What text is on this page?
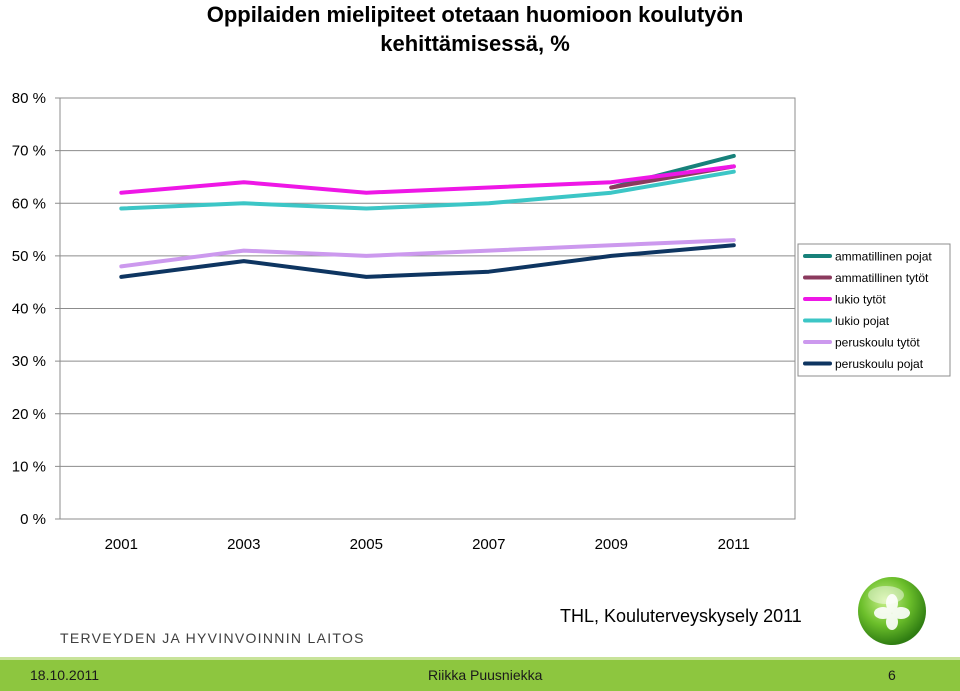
Oppilaiden mielipiteet otetaan huomioon koulutyön
kehittämisessä, %
0 %
10 %
20 %
30 %
40 %
50 %
60 %
70 %
80 %
2001	2003	2005	2007	2009	2011
ammatillinen pojat
ammatillinen tytöt
lukio tytöt
lukio pojat
peruskoulu tytöt
peruskoulu pojat
THL, Kouluterveyskysely 2011
TERVEYDEN JA HYVINVOINNIN LAITOS
18.10.2011	Riikka Puusniekka	6
